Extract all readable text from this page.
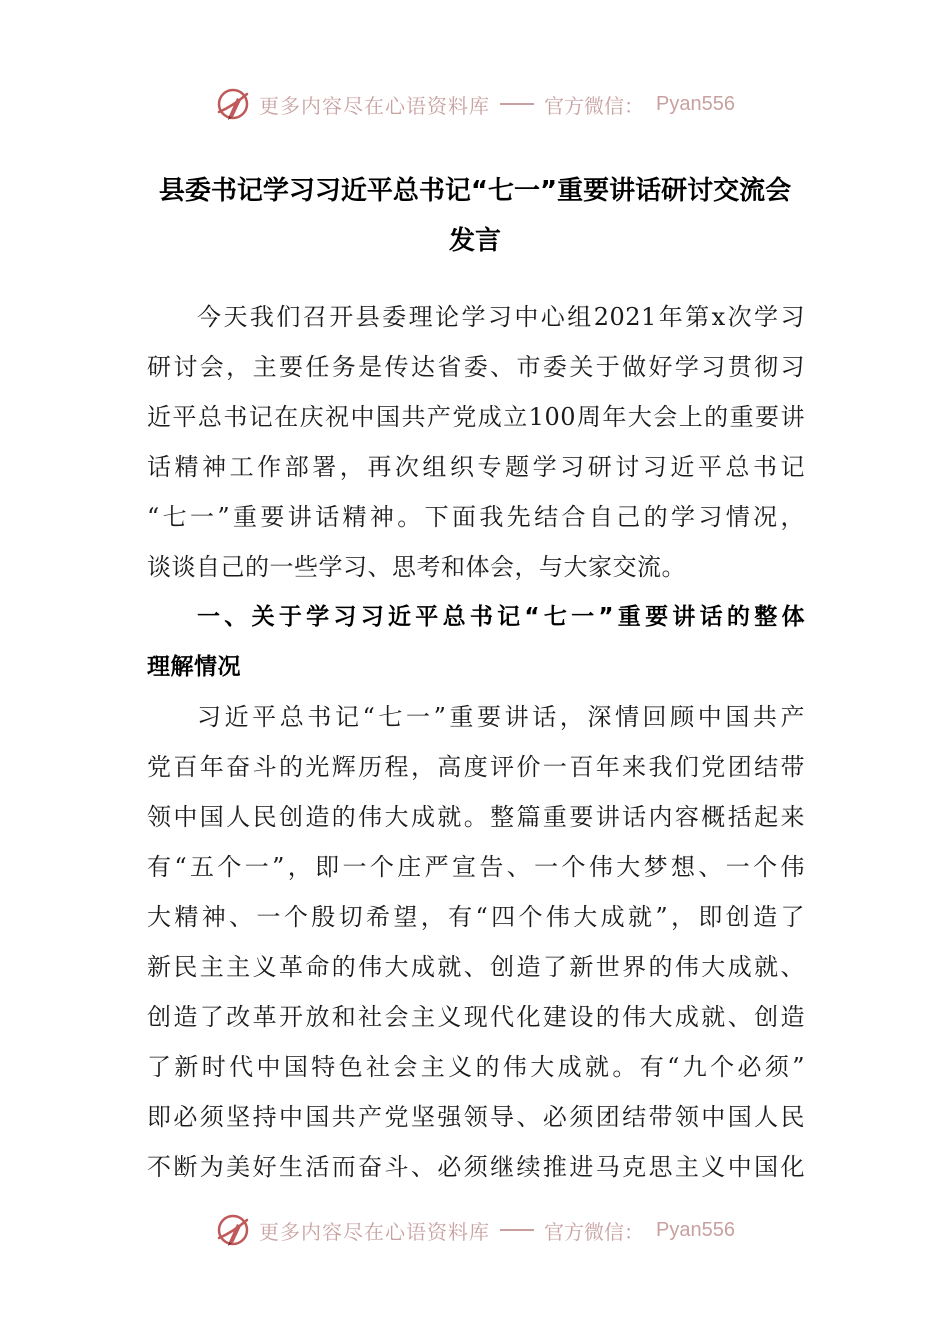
更多内容尽在心语资料库	官方微信： Pyan556
县委书记学习习近平总书记“七一”重要讲话研讨交流会
发言
今天我们召开县委理论学习中心组2021年第x次学习
研讨会，主要任务是传达省委、市委关于做好学习贯彻习
近平总书记在庆祝中国共产党成立100周年大会上的重要讲
话精神工作部署，再次组织专题学习研讨习近平总书记
“七一”重要讲话精神。下面我先结合自己的学习情况，
谈谈自己的一些学习、思考和体会，与大家交流。
一、关于学习习近平总书记“七一”重要讲话的整体
理解情况
习近平总书记“七一”重要讲话，深情回顾中国共产
党百年奋斗的光辉历程，高度评价一百年来我们党团结带
领中国人民创造的伟大成就。整篇重要讲话内容概括起来
有“五个一”，即一个庄严宣告、一个伟大梦想、一个伟
大精神、一个殷切希望，有“四个伟大成就”，即创造了
新民主主义革命的伟大成就、创造了新世界的伟大成就、
创造了改革开放和社会主义现代化建设的伟大成就、创造
了新时代中国特色社会主义的伟大成就。有“九个必须”
即必须坚持中国共产党坚强领导、必须团结带领中国人民
不断为美好生活而奋斗、必须继续推进马克思主义中国化
更多内容尽在心语资料库	官方微信： Pyan556
